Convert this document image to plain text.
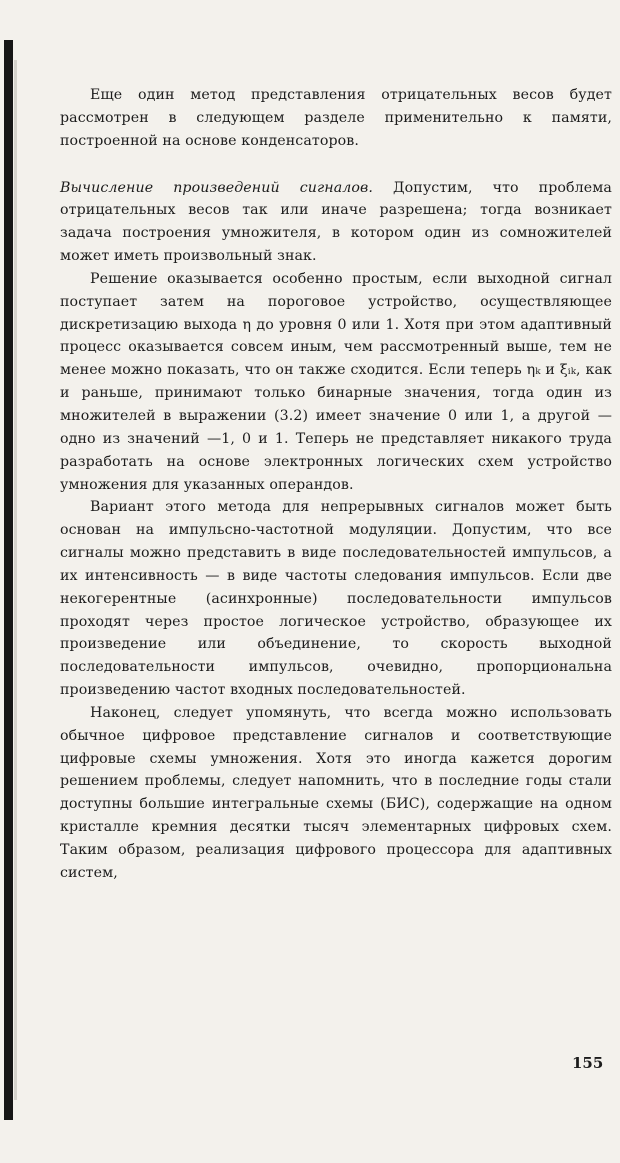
Еще один метод представления отрицательных весов будет рассмотрен в следующем разделе применительно к памяти, построенной на основе конденсаторов.

Вычисление произведений сигналов. Допустим, что проблема отрицательных весов так или иначе разрешена; тогда возникает задача построения умножителя, в котором один из сомножителей может иметь произвольный знак.

Решение оказывается особенно простым, если выходной сигнал поступает затем на пороговое устройство, осуществляющее дискретизацию выхода η до уровня 0 или 1. Хотя при этом адаптивный процесс оказывается совсем иным, чем рассмотренный выше, тем не менее можно показать, что он также сходится. Если теперь ηₖ и ξᵢₖ, как и раньше, принимают только бинарные значения, тогда один из множителей в выражении (3.2) имеет значение 0 или 1, а другой — одно из значений —1, 0 и 1. Теперь не представляет никакого труда разработать на основе электронных логических схем устройство умножения для указанных операндов.

Вариант этого метода для непрерывных сигналов может быть основан на импульсно-частотной модуляции. Допустим, что все сигналы можно представить в виде последовательностей импульсов, а их интенсивность — в виде частоты следования импульсов. Если две некогерентные (асинхронные) последовательности импульсов проходят через простое логическое устройство, образующее их произведение или объединение, то скорость выходной последовательности импульсов, очевидно, пропорциональна произведению частот входных последовательностей.

Наконец, следует упомянуть, что всегда можно использовать обычное цифровое представление сигналов и соответствующие цифровые схемы умножения. Хотя это иногда кажется дорогим решением проблемы, следует напомнить, что в последние годы стали доступны большие интегральные схемы (БИС), содержащие на одном кристалле кремния десятки тысяч элементарных цифровых схем. Таким образом, реализация цифрового процессора для адаптивных систем,

155
